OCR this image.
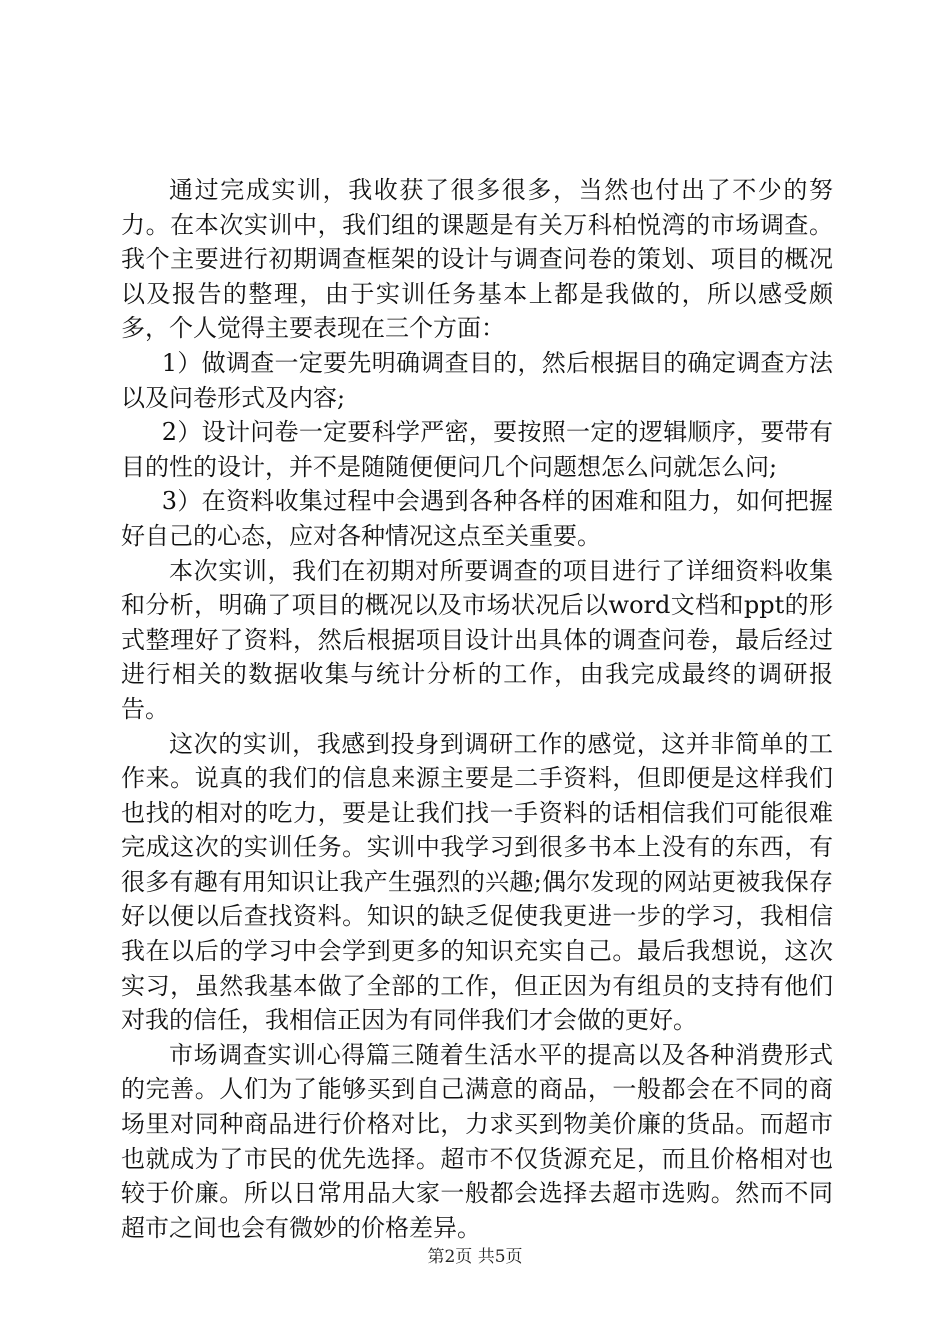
通过完成实训，我收获了很多很多，当然也付出了不少的努力。在本次实训中，我们组的课题是有关万科柏悦湾的市场调查。我个主要进行初期调查框架的设计与调查问卷的策划、项目的概况以及报告的整理，由于实训任务基本上都是我做的，所以感受颇多，个人觉得主要表现在三个方面：

1）做调查一定要先明确调查目的，然后根据目的确定调查方法以及问卷形式及内容;

2）设计问卷一定要科学严密，要按照一定的逻辑顺序，要带有目的性的设计，并不是随随便便问几个问题想怎么问就怎么问;

3）在资料收集过程中会遇到各种各样的困难和阻力，如何把握好自己的心态，应对各种情况这点至关重要。

本次实训，我们在初期对所要调查的项目进行了详细资料收集和分析，明确了项目的概况以及市场状况后以word文档和ppt的形式整理好了资料，然后根据项目设计出具体的调查问卷，最后经过进行相关的数据收集与统计分析的工作，由我完成最终的调研报告。

这次的实训，我感到投身到调研工作的感觉，这并非简单的工作来。说真的我们的信息来源主要是二手资料，但即便是这样我们也找的相对的吃力，要是让我们找一手资料的话相信我们可能很难完成这次的实训任务。实训中我学习到很多书本上没有的东西，有很多有趣有用知识让我产生强烈的兴趣;偶尔发现的网站更被我保存好以便以后查找资料。知识的缺乏促使我更进一步的学习，我相信我在以后的学习中会学到更多的知识充实自己。最后我想说，这次实习，虽然我基本做了全部的工作，但正因为有组员的支持有他们对我的信任，我相信正因为有同伴我们才会做的更好。

市场调查实训心得篇三随着生活水平的提高以及各种消费形式的完善。人们为了能够买到自己满意的商品，一般都会在不同的商场里对同种商品进行价格对比，力求买到物美价廉的货品。而超市也就成为了市民的优先选择。超市不仅货源充足，而且价格相对也较于价廉。所以日常用品大家一般都会选择去超市选购。然而不同超市之间也会有微妙的价格差异。

第2页 共5页
